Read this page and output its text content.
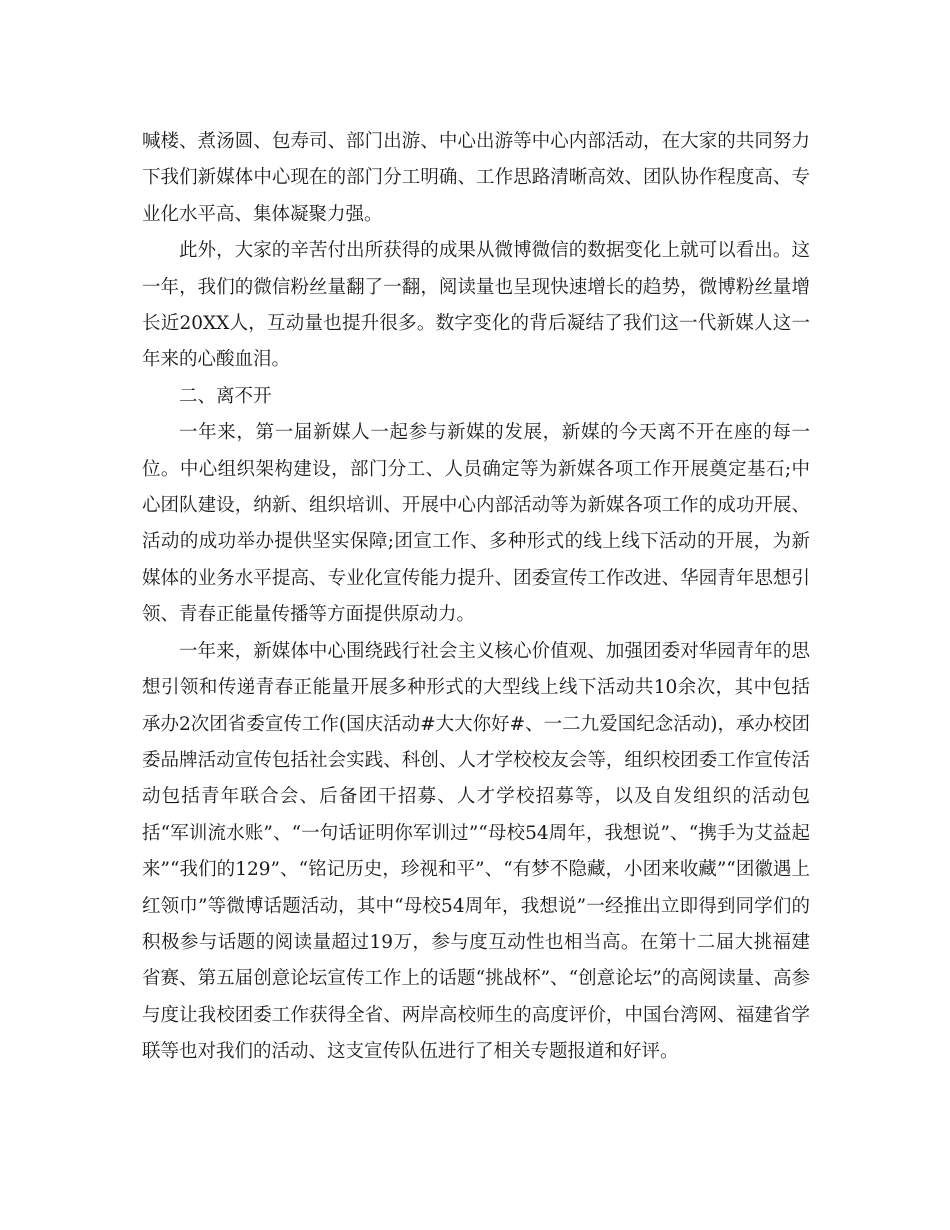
喊楼、煮汤圆、包寿司、部门出游、中心出游等中心内部活动，在大家的共同努力下我们新媒体中心现在的部门分工明确、工作思路清晰高效、团队协作程度高、专业化水平高、集体凝聚力强。

此外，大家的辛苦付出所获得的成果从微博微信的数据变化上就可以看出。这一年，我们的微信粉丝量翻了一翻，阅读量也呈现快速增长的趋势，微博粉丝量增长近20XX人，互动量也提升很多。数字变化的背后凝结了我们这一代新媒人这一年来的心酸血泪。

二、离不开

一年来，第一届新媒人一起参与新媒的发展，新媒的今天离不开在座的每一位。中心组织架构建设，部门分工、人员确定等为新媒各项工作开展奠定基石;中心团队建设，纳新、组织培训、开展中心内部活动等为新媒各项工作的成功开展、活动的成功举办提供坚实保障;团宣工作、多种形式的线上线下活动的开展，为新媒体的业务水平提高、专业化宣传能力提升、团委宣传工作改进、华园青年思想引领、青春正能量传播等方面提供原动力。

一年来，新媒体中心围绕践行社会主义核心价值观、加强团委对华园青年的思想引领和传递青春正能量开展多种形式的大型线上线下活动共10余次，其中包括承办2次团省委宣传工作(国庆活动#大大你好#、一二九爱国纪念活动)，承办校团委品牌活动宣传包括社会实践、科创、人才学校校友会等，组织校团委工作宣传活动包括青年联合会、后备团干招募、人才学校招募等，以及自发组织的活动包括“军训流水账”、“一句话证明你军训过”“母校54周年，我想说”、“携手为艾益起来”“我们的129”、“铭记历史，珍视和平”、“有梦不隐藏，小团来收藏”“团徽遇上红领巾”等微博话题活动，其中“母校54周年，我想说”一经推出立即得到同学们的积极参与话题的阅读量超过19万，参与度互动性也相当高。在第十二届大挑福建省赛、第五届创意论坛宣传工作上的话题“挑战杯”、“创意论坛”的高阅读量、高参与度让我校团委工作获得全省、两岸高校师生的高度评价，中国台湾网、福建省学联等也对我们的活动、这支宣传队伍进行了相关专题报道和好评。
